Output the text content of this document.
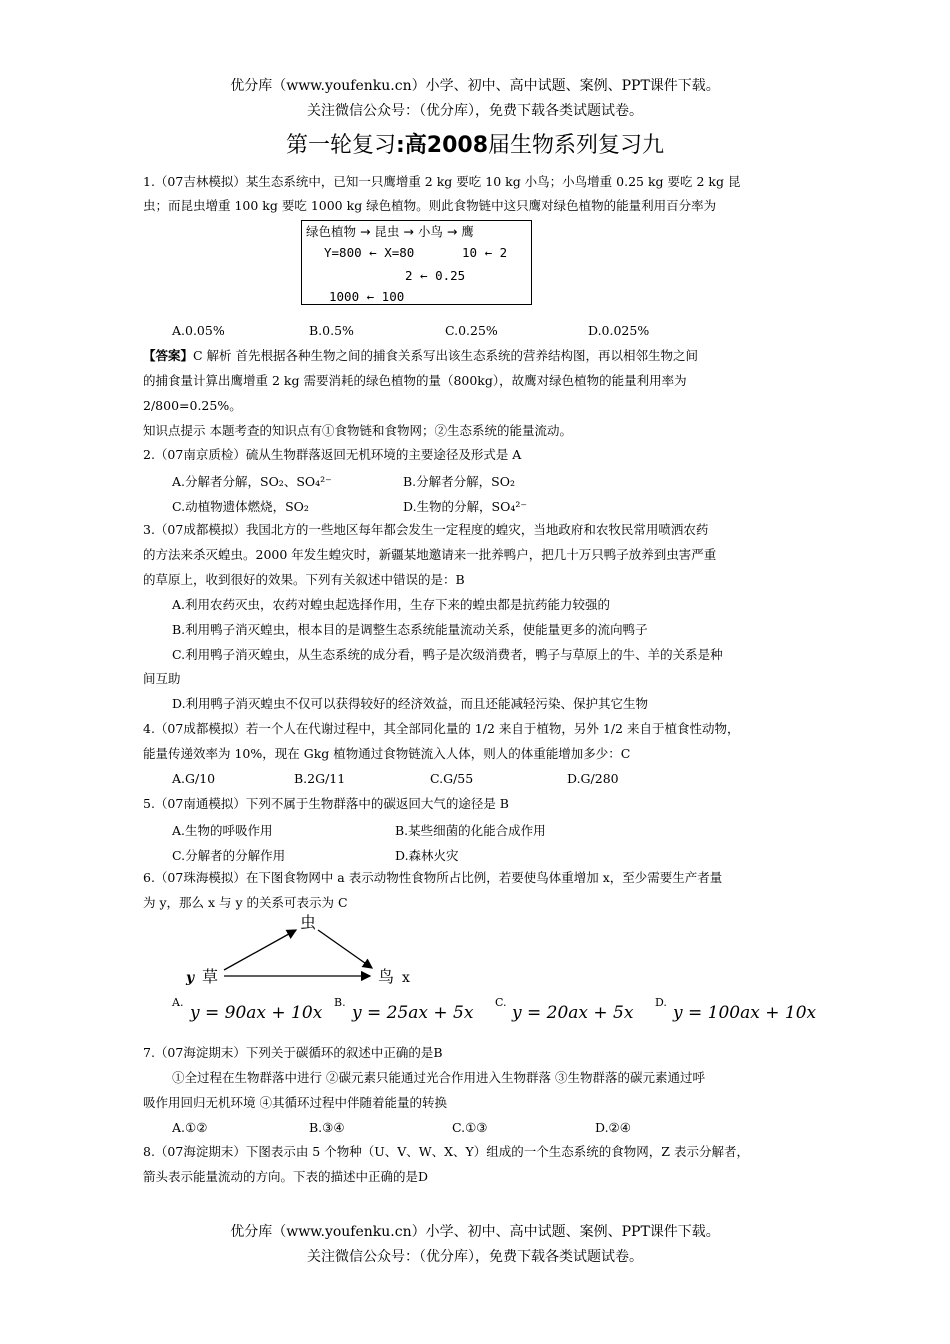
优分库（www.youfenku.cn）小学、初中、高中试题、案例、PPT课件下载。
关注微信公众号：（优分库），免费下载各类试题试卷。
第一轮复习:高2008届生物系列复习九
1.（07吉林模拟）某生态系统中，已知一只鹰增重 2 kg 要吃 10 kg 小鸟；小鸟增重 0.25 kg 要吃 2 kg 昆
虫；而昆虫增重 100 kg 要吃 1000 kg 绿色植物。则此食物链中这只鹰对绿色植物的能量利用百分率为
绿色植物 → 昆虫 → 小鸟 → 鹰
Y=800 ← X=80	10 ← 2
2 ← 0.25
1000 ← 100
A.0.05%	B.0.5%	C.0.25%	D.0.025%
【答案】C 解析 首先根据各种生物之间的捕食关系写出该生态系统的营养结构图，再以相邻生物之间
的捕食量计算出鹰增重 2 kg 需要消耗的绿色植物的量（800kg），故鹰对绿色植物的能量利用率为
2/800=0.25%。
知识点提示 本题考查的知识点有①食物链和食物网；②生态系统的能量流动。
2.（07南京质检）硫从生物群落返回无机环境的主要途径及形式是 A
A.分解者分解，SO₂、SO₄²⁻	B.分解者分解，SO₂
C.动植物遗体燃烧，SO₂	D.生物的分解，SO₄²⁻
3.（07成都模拟）我国北方的一些地区每年都会发生一定程度的蝗灾，当地政府和农牧民常用喷洒农药
的方法来杀灭蝗虫。2000 年发生蝗灾时，新疆某地邀请来一批养鸭户，把几十万只鸭子放养到虫害严重
的草原上，收到很好的效果。下列有关叙述中错误的是：B
A.利用农药灭虫，农药对蝗虫起选择作用，生存下来的蝗虫都是抗药能力较强的
B.利用鸭子消灭蝗虫，根本目的是调整生态系统能量流动关系，使能量更多的流向鸭子
C.利用鸭子消灭蝗虫，从生态系统的成分看，鸭子是次级消费者，鸭子与草原上的牛、羊的关系是种
间互助
D.利用鸭子消灭蝗虫不仅可以获得较好的经济效益，而且还能减轻污染、保护其它生物
4.（07成都模拟）若一个人在代谢过程中，其全部同化量的 1/2 来自于植物，另外 1/2 来自于植食性动物，
能量传递效率为 10%，现在 Gkg 植物通过食物链流入人体，则人的体重能增加多少：C
A.G/10	B.2G/11	C.G/55	D.G/280
5.（07南通模拟）下列不属于生物群落中的碳返回大气的途径是 B
A.生物的呼吸作用	B.某些细菌的化能合成作用
C.分解者的分解作用	D.森林火灾
6.（07珠海模拟）在下图食物网中 a 表示动物性食物所占比例，若要使鸟体重增加 x，至少需要生产者量
为 y，那么 x 与 y 的关系可表示为 C
虫
草
y	鸟 x
A.
y = 90ax + 10x
B.
y = 25ax + 5x
C.
y = 20ax + 5x
D.
y = 100ax + 10x
7.（07海淀期末）下列关于碳循环的叙述中正确的是B
①全过程在生物群落中进行 ②碳元素只能通过光合作用进入生物群落 ③生物群落的碳元素通过呼
吸作用回归无机环境 ④其循环过程中伴随着能量的转换
A.①②	B.③④	C.①③	D.②④
8.（07海淀期末）下图表示由 5 个物种（U、V、W、X、Y）组成的一个生态系统的食物网，Z 表示分解者，
箭头表示能量流动的方向。下表的描述中正确的是D
优分库（www.youfenku.cn）小学、初中、高中试题、案例、PPT课件下载。
关注微信公众号：（优分库），免费下载各类试题试卷。
